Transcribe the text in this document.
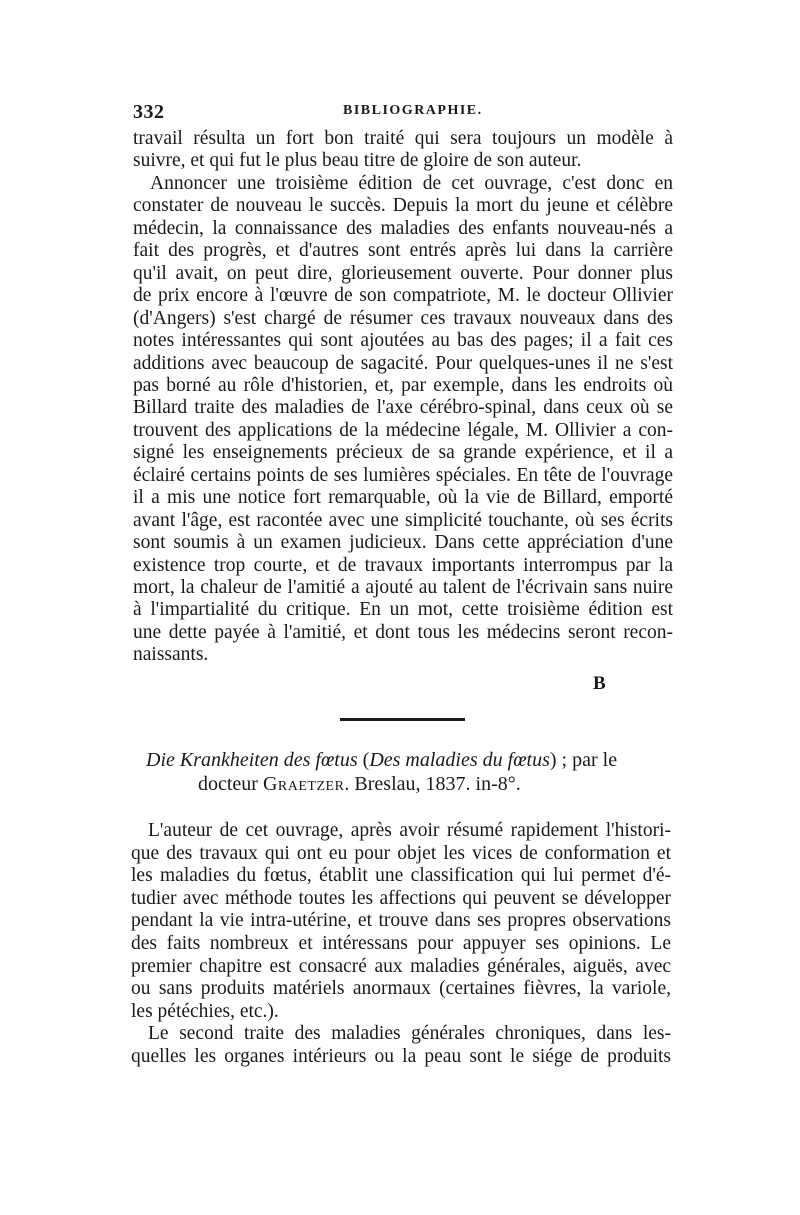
332	BIBLIOGRAPHIE.
travail résulta un fort bon traité qui sera toujours un modèle à
suivre, et qui fut le plus beau titre de gloire de son auteur.
Annoncer une troisième édition de cet ouvrage, c'est donc en
constater de nouveau le succès. Depuis la mort du jeune et célèbre
médecin, la connaissance des maladies des enfants nouveau-nés a
fait des progrès, et d'autres sont entrés après lui dans la carrière
qu'il avait, on peut dire, glorieusement ouverte. Pour donner plus
de prix encore à l'œuvre de son compatriote, M. le docteur Ollivier
(d'Angers) s'est chargé de résumer ces travaux nouveaux dans des
notes intéressantes qui sont ajoutées au bas des pages; il a fait ces
additions avec beaucoup de sagacité. Pour quelques-unes il ne s'est
pas borné au rôle d'historien, et, par exemple, dans les endroits où
Billard traite des maladies de l'axe cérébro-spinal, dans ceux où se
trouvent des applications de la médecine légale, M. Ollivier a con-
signé les enseignements précieux de sa grande expérience, et il a
éclairé certains points de ses lumières spéciales. En tête de l'ouvrage
il a mis une notice fort remarquable, où la vie de Billard, emporté
avant l'âge, est racontée avec une simplicité touchante, où ses écrits
sont soumis à un examen judicieux. Dans cette appréciation d'une
existence trop courte, et de travaux importants interrompus par la
mort, la chaleur de l'amitié a ajouté au talent de l'écrivain sans nuire
à l'impartialité du critique. En un mot, cette troisième édition est
une dette payée à l'amitié, et dont tous les médecins seront recon-
naissants.
B
Die Krankheiten des fœtus (Des maladies du fœtus) ; par le
docteur Graetzer. Breslau, 1837. in-8°.
L'auteur de cet ouvrage, après avoir résumé rapidement l'histori-
que des travaux qui ont eu pour objet les vices de conformation et
les maladies du fœtus, établit une classification qui lui permet d'é-
tudier avec méthode toutes les affections qui peuvent se développer
pendant la vie intra-utérine, et trouve dans ses propres observations
des faits nombreux et intéressans pour appuyer ses opinions. Le
premier chapitre est consacré aux maladies générales, aiguës, avec
ou sans produits matériels anormaux (certaines fièvres, la variole,
les pétéchies, etc.).
Le second traite des maladies générales chroniques, dans les-
quelles les organes intérieurs ou la peau sont le siége de produits
